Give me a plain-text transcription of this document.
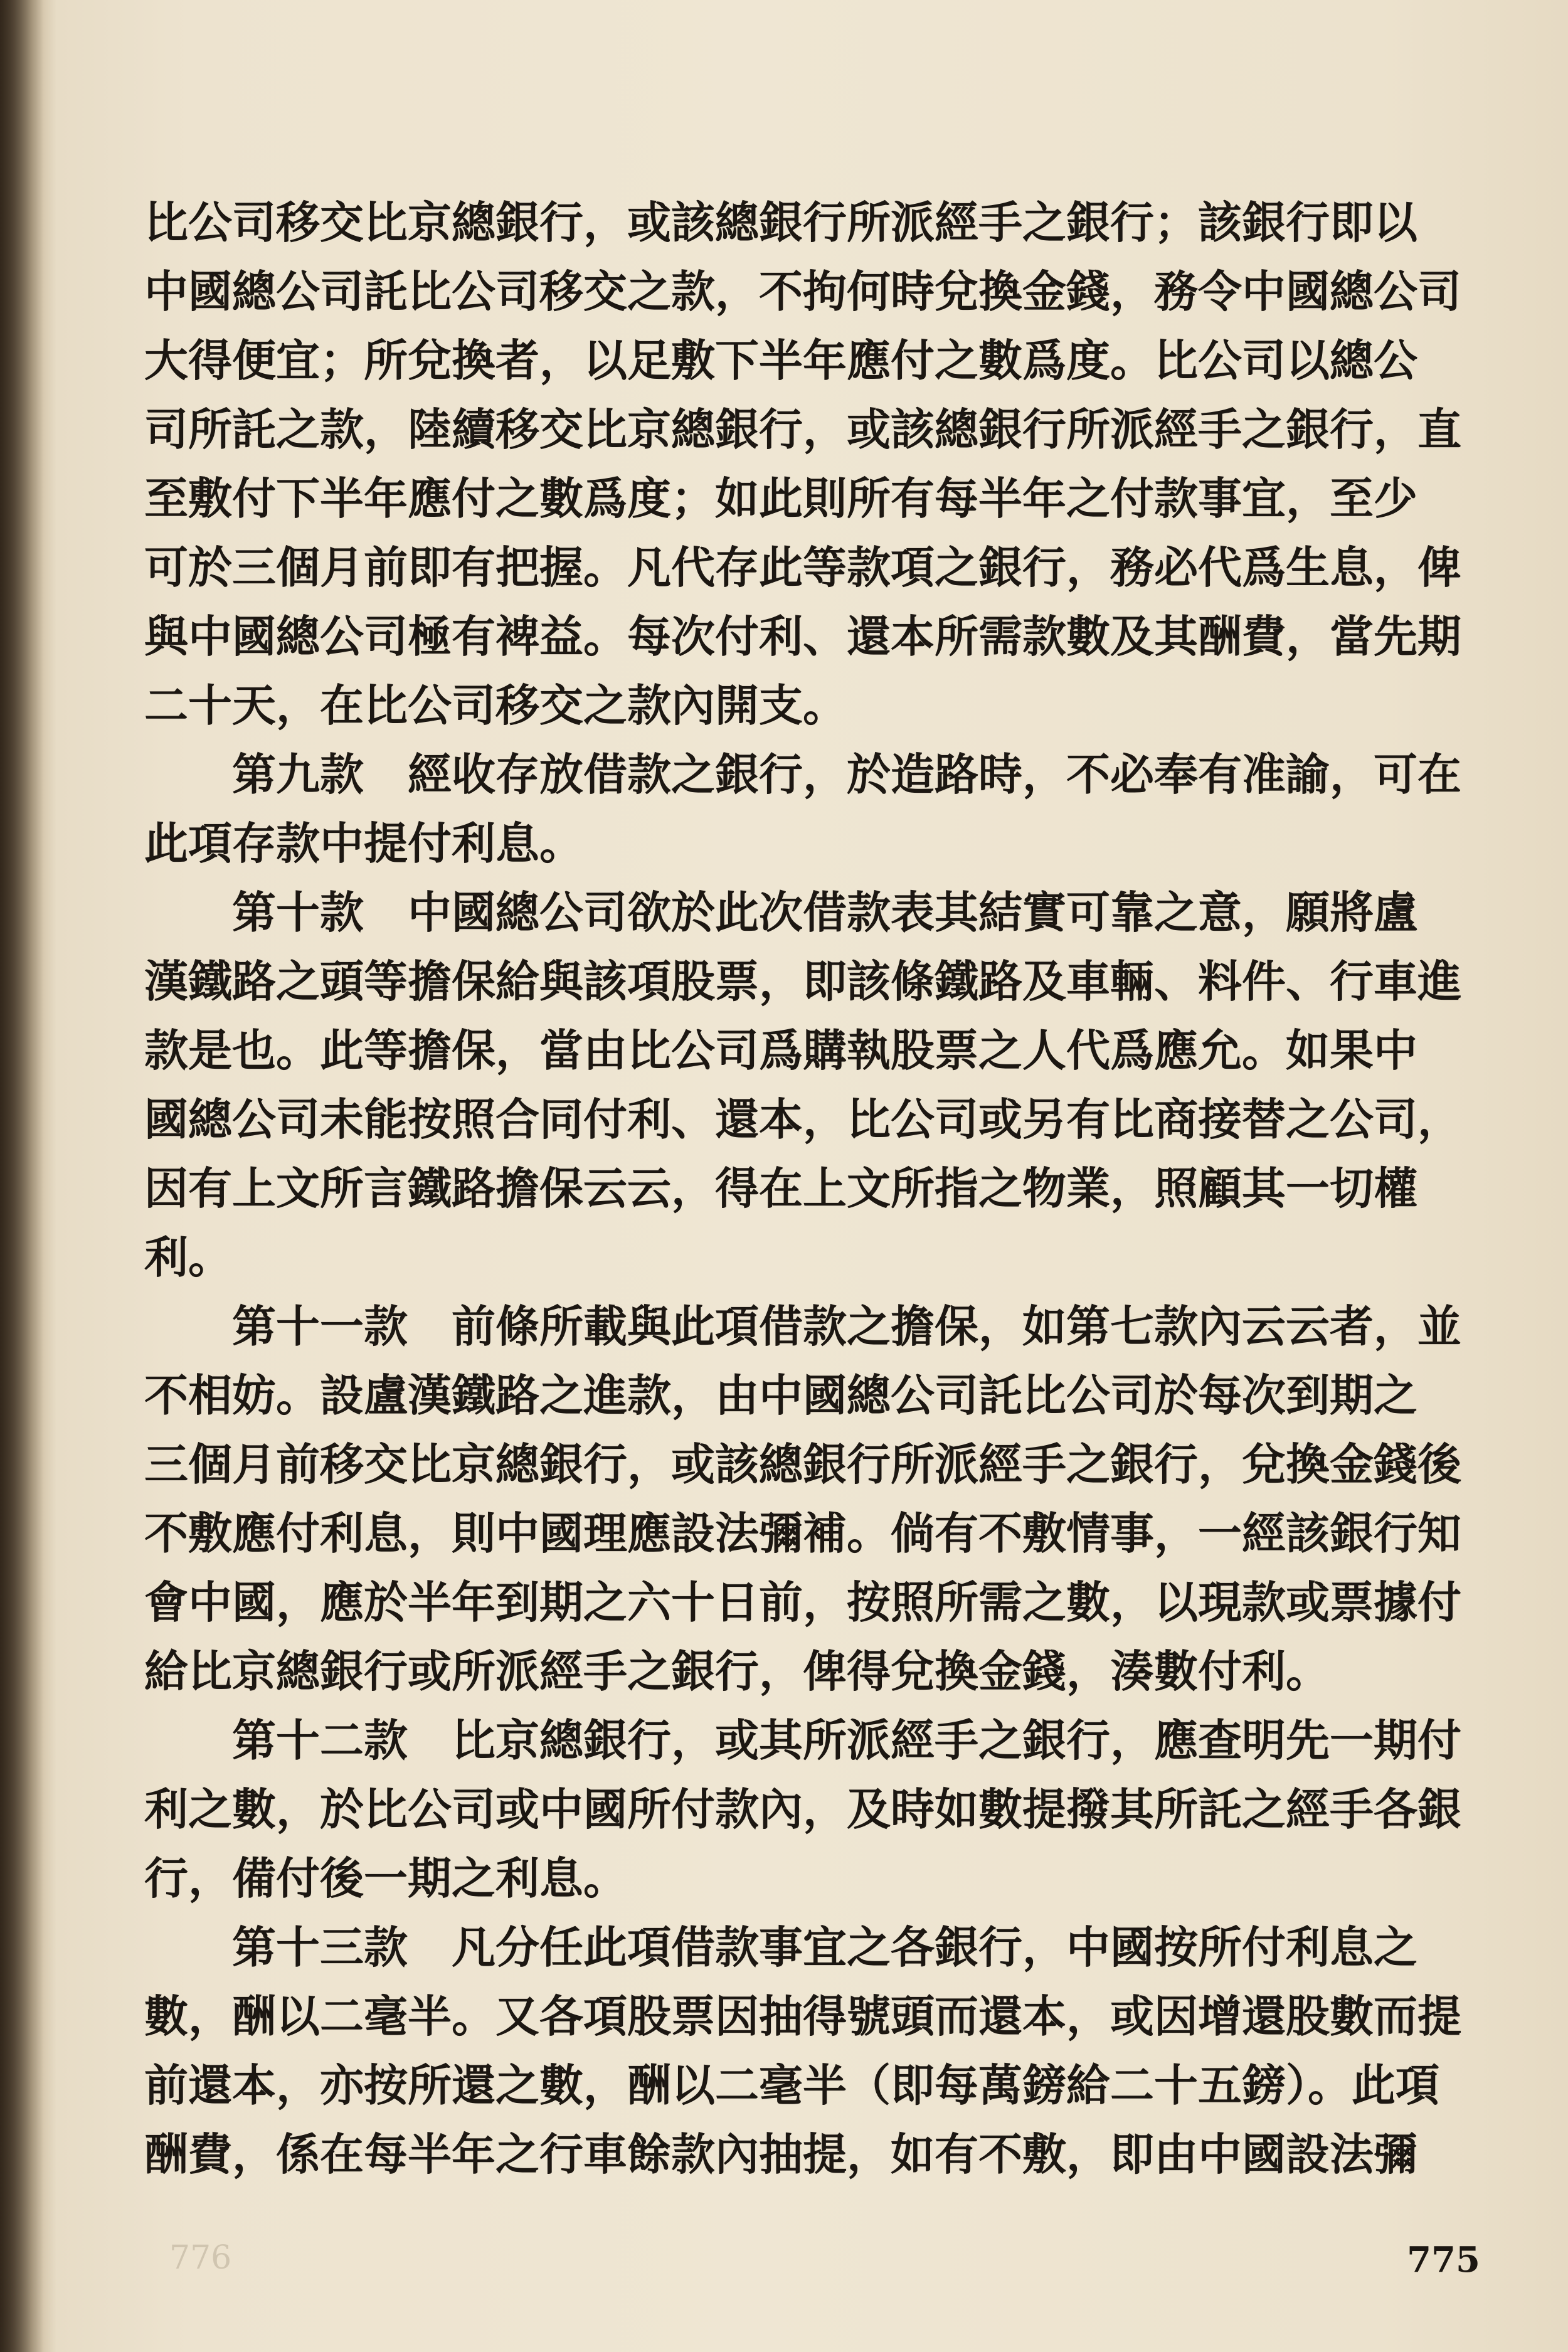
比公司移交比京總銀行，或該總銀行所派經手之銀行；該銀行即以
中國總公司託比公司移交之款，不拘何時兌換金錢，務令中國總公司
大得便宜；所兌換者，以足敷下半年應付之數爲度。比公司以總公
司所託之款，陸續移交比京總銀行，或該總銀行所派經手之銀行，直
至敷付下半年應付之數爲度；如此則所有每半年之付款事宜，至少
可於三個月前即有把握。凡代存此等款項之銀行，務必代爲生息，俾
與中國總公司極有裨益。每次付利、還本所需款數及其酬費，當先期
二十天，在比公司移交之款內開支。
第九款　經收存放借款之銀行，於造路時，不必奉有准諭，可在
此項存款中提付利息。
第十款　中國總公司欲於此次借款表其結實可靠之意，願將盧
漢鐵路之頭等擔保給與該項股票，即該條鐵路及車輛、料件、行車進
款是也。此等擔保，當由比公司爲購執股票之人代爲應允。如果中
國總公司未能按照合同付利、還本，比公司或另有比商接替之公司，
因有上文所言鐵路擔保云云，得在上文所指之物業，照顧其一切權
利。
第十一款　前條所載與此項借款之擔保，如第七款內云云者，並
不相妨。設盧漢鐵路之進款，由中國總公司託比公司於每次到期之
三個月前移交比京總銀行，或該總銀行所派經手之銀行，兌換金錢後
不敷應付利息，則中國理應設法彌補。倘有不敷情事，一經該銀行知
會中國，應於半年到期之六十日前，按照所需之數，以現款或票據付
給比京總銀行或所派經手之銀行，俾得兌換金錢，湊數付利。
第十二款　比京總銀行，或其所派經手之銀行，應查明先一期付
利之數，於比公司或中國所付款內，及時如數提撥其所託之經手各銀
行，備付後一期之利息。
第十三款　凡分任此項借款事宜之各銀行，中國按所付利息之
數，酬以二毫半。又各項股票因抽得號頭而還本，或因增還股數而提
前還本，亦按所還之數，酬以二毫半（即每萬鎊給二十五鎊）。此項
酬費，係在每半年之行車餘款內抽提，如有不敷，即由中國設法彌
776	775
